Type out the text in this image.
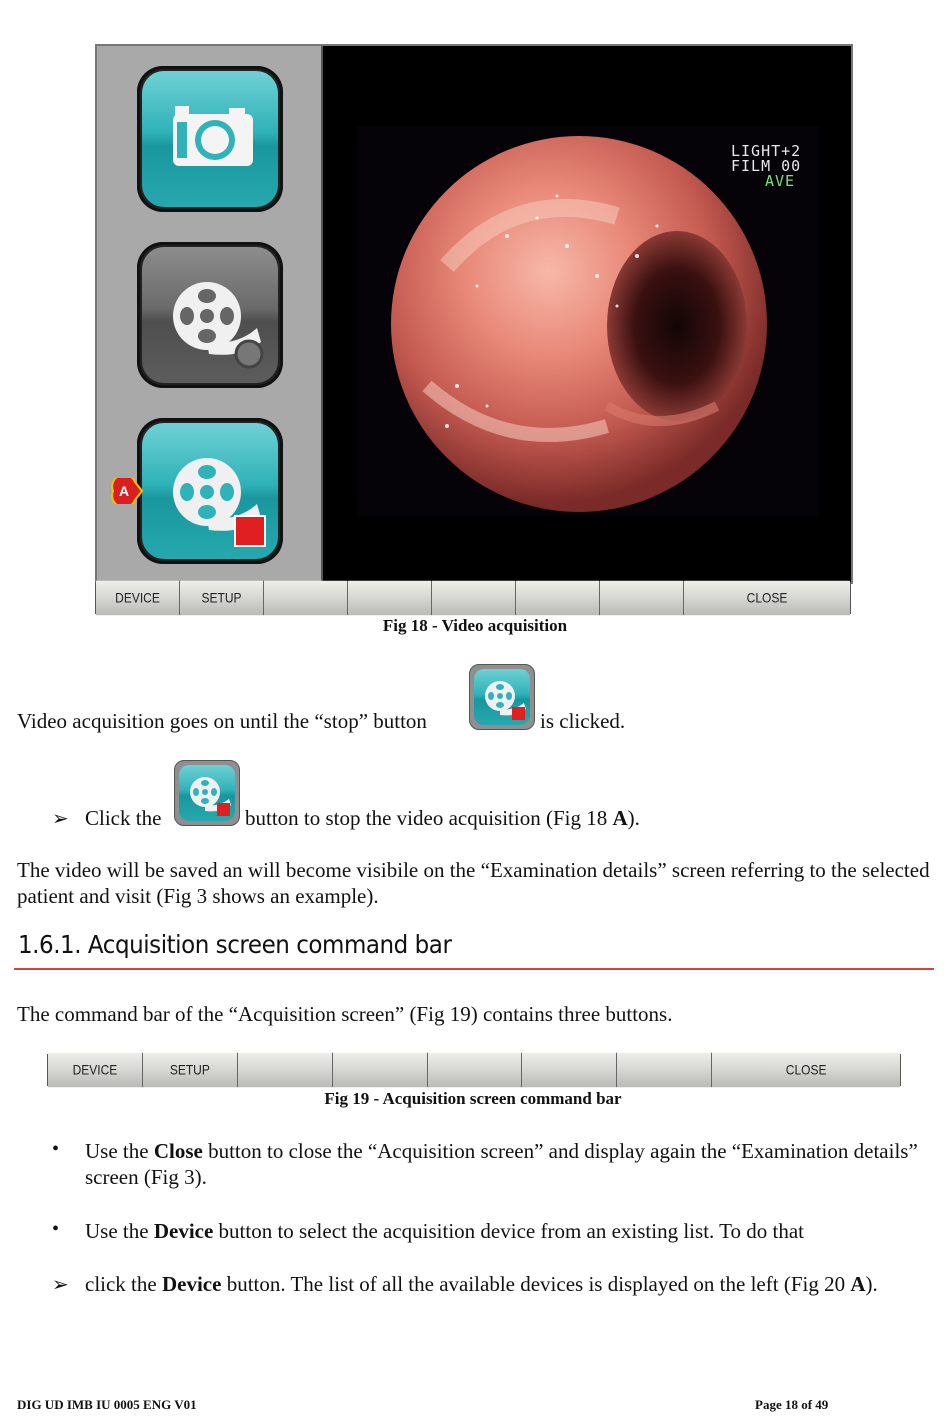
A
LIGHT+2
FILM 00
AVE
DEVICE	SETUP	CLOSE
Fig 18 - Video acquisition
Video acquisition goes on until the “stop” button	is clicked.
➢ Click the	button to stop the video acquisition (Fig 18 A).
The video will be saved an will become visibile on the “Examination details” screen referring to the selected patient and visit (Fig 3 shows an example).
1.6.1. Acquisition screen command bar
The command bar of the “Acquisition screen” (Fig 19) contains three buttons.
DEVICE	SETUP	CLOSE
Fig 19 - Acquisition screen command bar
• Use the Close button to close the “Acquisition screen” and display again the “Examination details” screen (Fig 3).
• Use the Device button to select the acquisition device from an existing list. To do that
➢ click the Device button. The list of all the available devices is displayed on the left (Fig 20 A).
DIG UD IMB IU 0005 ENG V01	Page 18 of 49
